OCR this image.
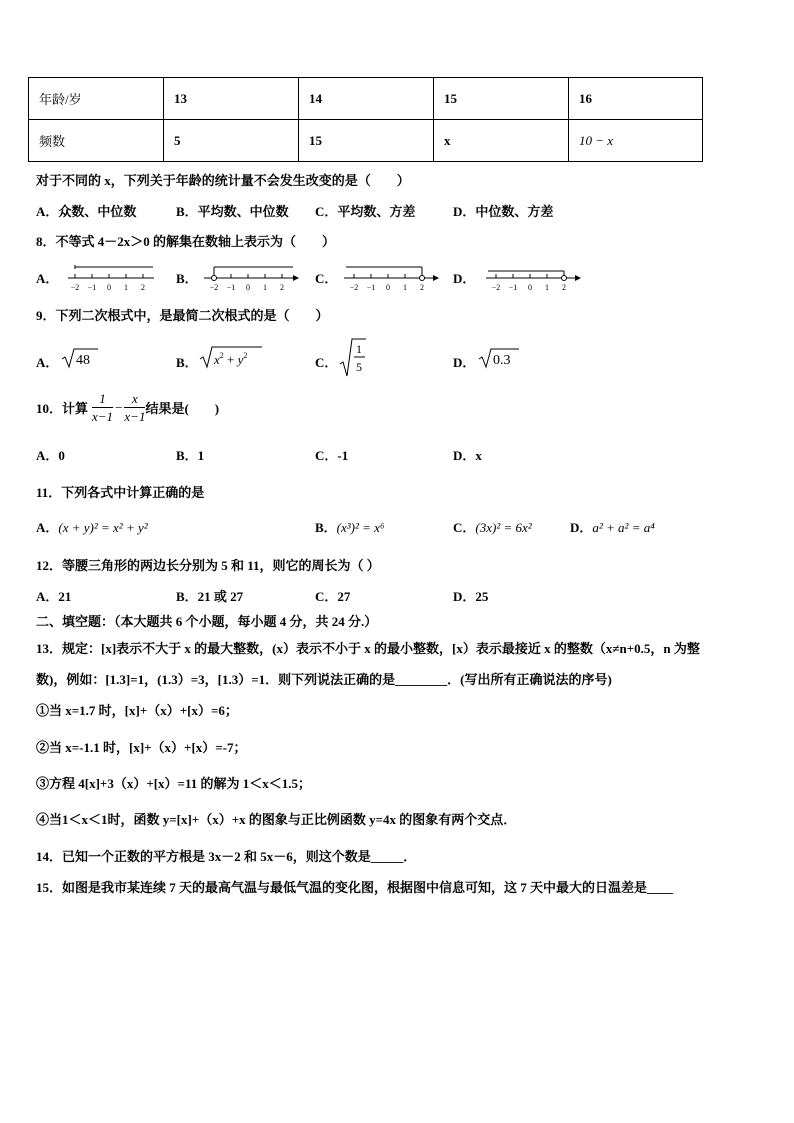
年龄/岁	13	14	15	16
频数	5	15	x	10 − x
对于不同的 x，下列关于年龄的统计量不会发生改变的是（　　）
A．众数、中位数	B．平均数、中位数 C．平均数、方差	D．中位数、方差
8．不等式 4－2x＞0 的解集在数轴上表示为（　　）
A．
−2 −1 0 1 2
B．
−2 −1 0 1 2
C．
−2 −1 0 1 2
D．
−2 −1 0 1 2
9．下列二次根式中，是最简二次根式的是（　　）
A． 48	B． $x^2 + y^2$	C．
1
5	D． 0.3
10．计算 $\frac{1}{x-1} - \frac{x}{x-1}$ 结果是(　　)
A．0	B．1	C．-1	D．x
11．下列各式中计算正确的是
A．(x + y)² = x² + y²	B．(x³)² = x⁶	C．(3x)² = 6x²	D．a² + a² = a⁴
12．等腰三角形的两边长分别为 5 和 11，则它的周长为（ ）
A．21	B．21 或 27	C．27	D．25
二、填空题：（本大题共 6 个小题，每小题 4 分，共 24 分.）
13．规定：[x]表示不大于 x 的最大整数，(x）表示不小于 x 的最小整数，[x）表示最接近 x 的整数（x≠n+0.5，n 为整
数)，例如：[1.3]=1，(1.3）=3，[1.3）=1．则下列说法正确的是________．(写出所有正确说法的序号)
①当 x=1.7 时，[x]+（x）+[x）=6；
②当 x=-1.1 时，[x]+（x）+[x）=-7；
③方程 4[x]+3（x）+[x）=11 的解为 1＜x＜1.5；
④当1＜x＜1时，函数 y=[x]+（x）+x 的图象与正比例函数 y=4x 的图象有两个交点．
14．已知一个正数的平方根是 3x－2 和 5x－6，则这个数是_____．
15．如图是我市某连续 7 天的最高气温与最低气温的变化图，根据图中信息可知，这 7 天中最大的日温差是____
